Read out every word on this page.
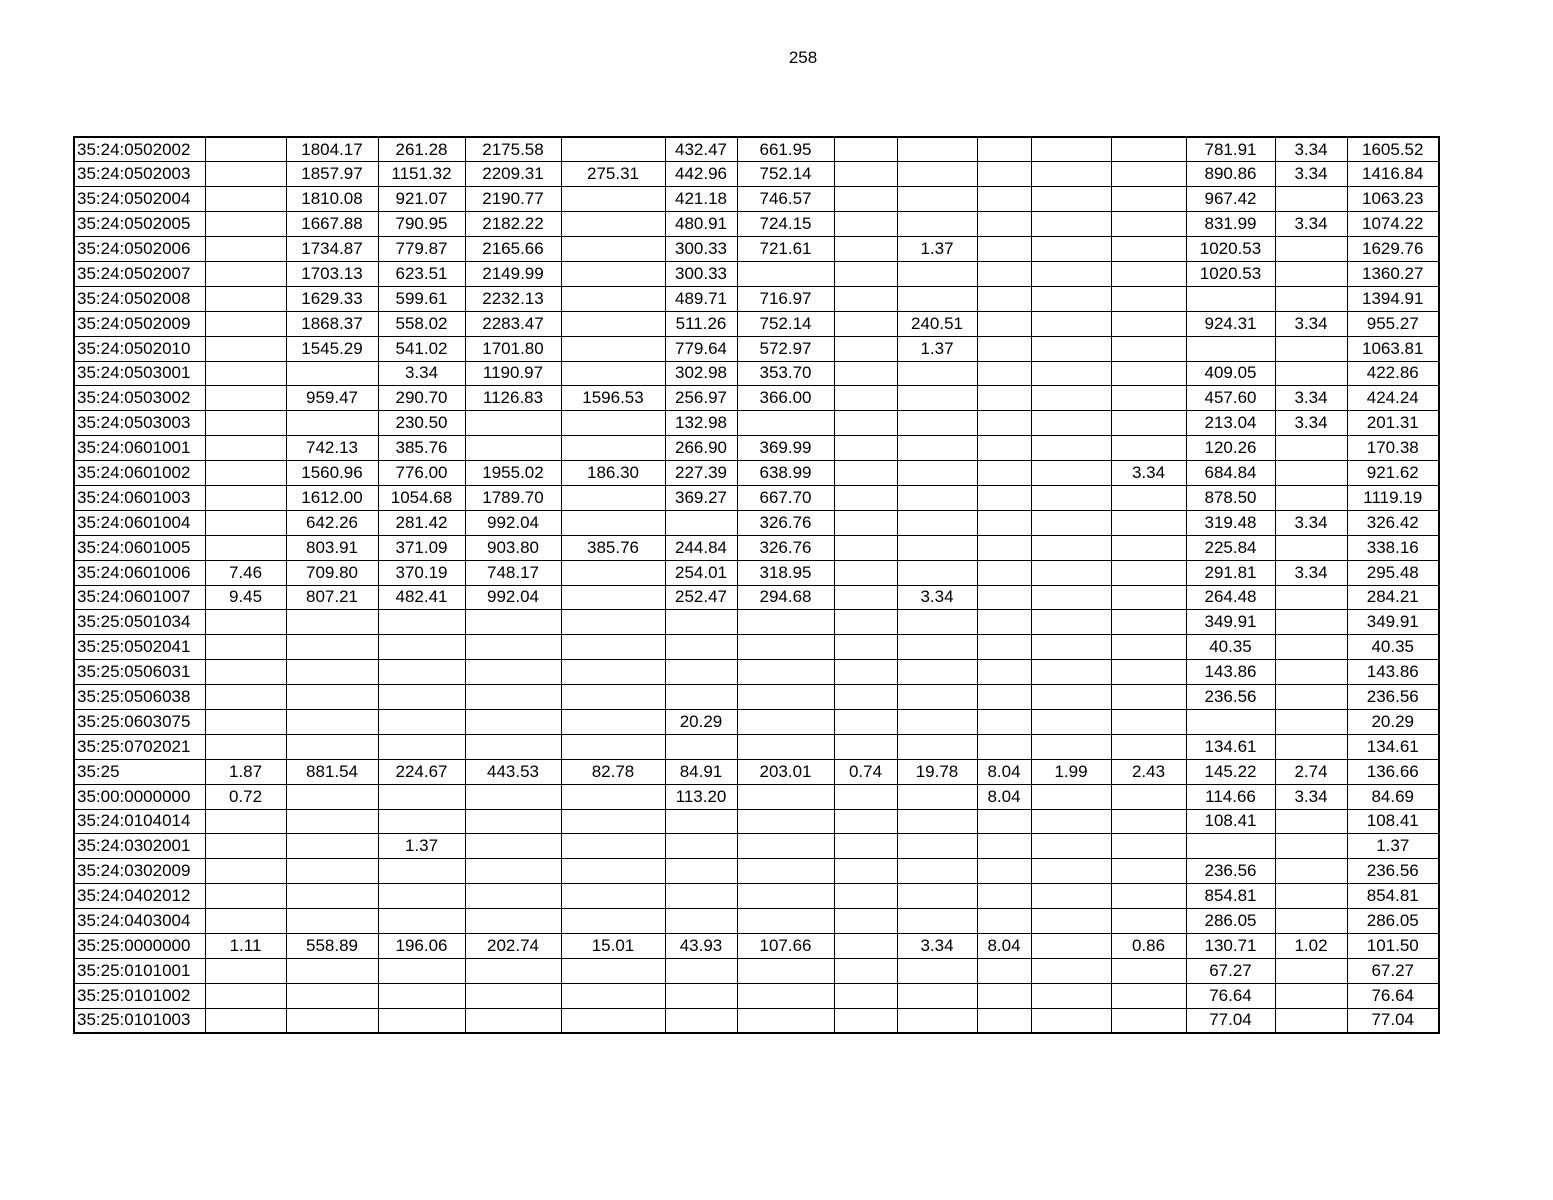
258
35:24:0502002		1804.17	261.28	2175.58		432.47	661.95						781.91	3.34	1605.52
35:24:0502003		1857.97	1151.32	2209.31	275.31	442.96	752.14						890.86	3.34	1416.84
35:24:0502004		1810.08	921.07	2190.77		421.18	746.57						967.42		1063.23
35:24:0502005		1667.88	790.95	2182.22		480.91	724.15						831.99	3.34	1074.22
35:24:0502006		1734.87	779.87	2165.66		300.33	721.61		1.37				1020.53		1629.76
35:24:0502007		1703.13	623.51	2149.99		300.33							1020.53		1360.27
35:24:0502008		1629.33	599.61	2232.13		489.71	716.97								1394.91
35:24:0502009		1868.37	558.02	2283.47		511.26	752.14		240.51				924.31	3.34	955.27
35:24:0502010		1545.29	541.02	1701.80		779.64	572.97		1.37						1063.81
35:24:0503001			3.34	1190.97		302.98	353.70						409.05		422.86
35:24:0503002		959.47	290.70	1126.83	1596.53	256.97	366.00						457.60	3.34	424.24
35:24:0503003			230.50			132.98							213.04	3.34	201.31
35:24:0601001		742.13	385.76			266.90	369.99						120.26		170.38
35:24:0601002		1560.96	776.00	1955.02	186.30	227.39	638.99					3.34	684.84		921.62
35:24:0601003		1612.00	1054.68	1789.70		369.27	667.70						878.50		1119.19
35:24:0601004		642.26	281.42	992.04			326.76						319.48	3.34	326.42
35:24:0601005		803.91	371.09	903.80	385.76	244.84	326.76						225.84		338.16
35:24:0601006	7.46	709.80	370.19	748.17		254.01	318.95						291.81	3.34	295.48
35:24:0601007	9.45	807.21	482.41	992.04		252.47	294.68		3.34				264.48		284.21
35:25:0501034													349.91		349.91
35:25:0502041													40.35		40.35
35:25:0506031													143.86		143.86
35:25:0506038													236.56		236.56
35:25:0603075						20.29									20.29
35:25:0702021													134.61		134.61
35:25	1.87	881.54	224.67	443.53	82.78	84.91	203.01	0.74	19.78	8.04	1.99	2.43	145.22	2.74	136.66
35:00:0000000	0.72					113.20				8.04			114.66	3.34	84.69
35:24:0104014													108.41		108.41
35:24:0302001			1.37												1.37
35:24:0302009													236.56		236.56
35:24:0402012													854.81		854.81
35:24:0403004													286.05		286.05
35:25:0000000	1.11	558.89	196.06	202.74	15.01	43.93	107.66		3.34	8.04		0.86	130.71	1.02	101.50
35:25:0101001													67.27		67.27
35:25:0101002													76.64		76.64
35:25:0101003													77.04		77.04
